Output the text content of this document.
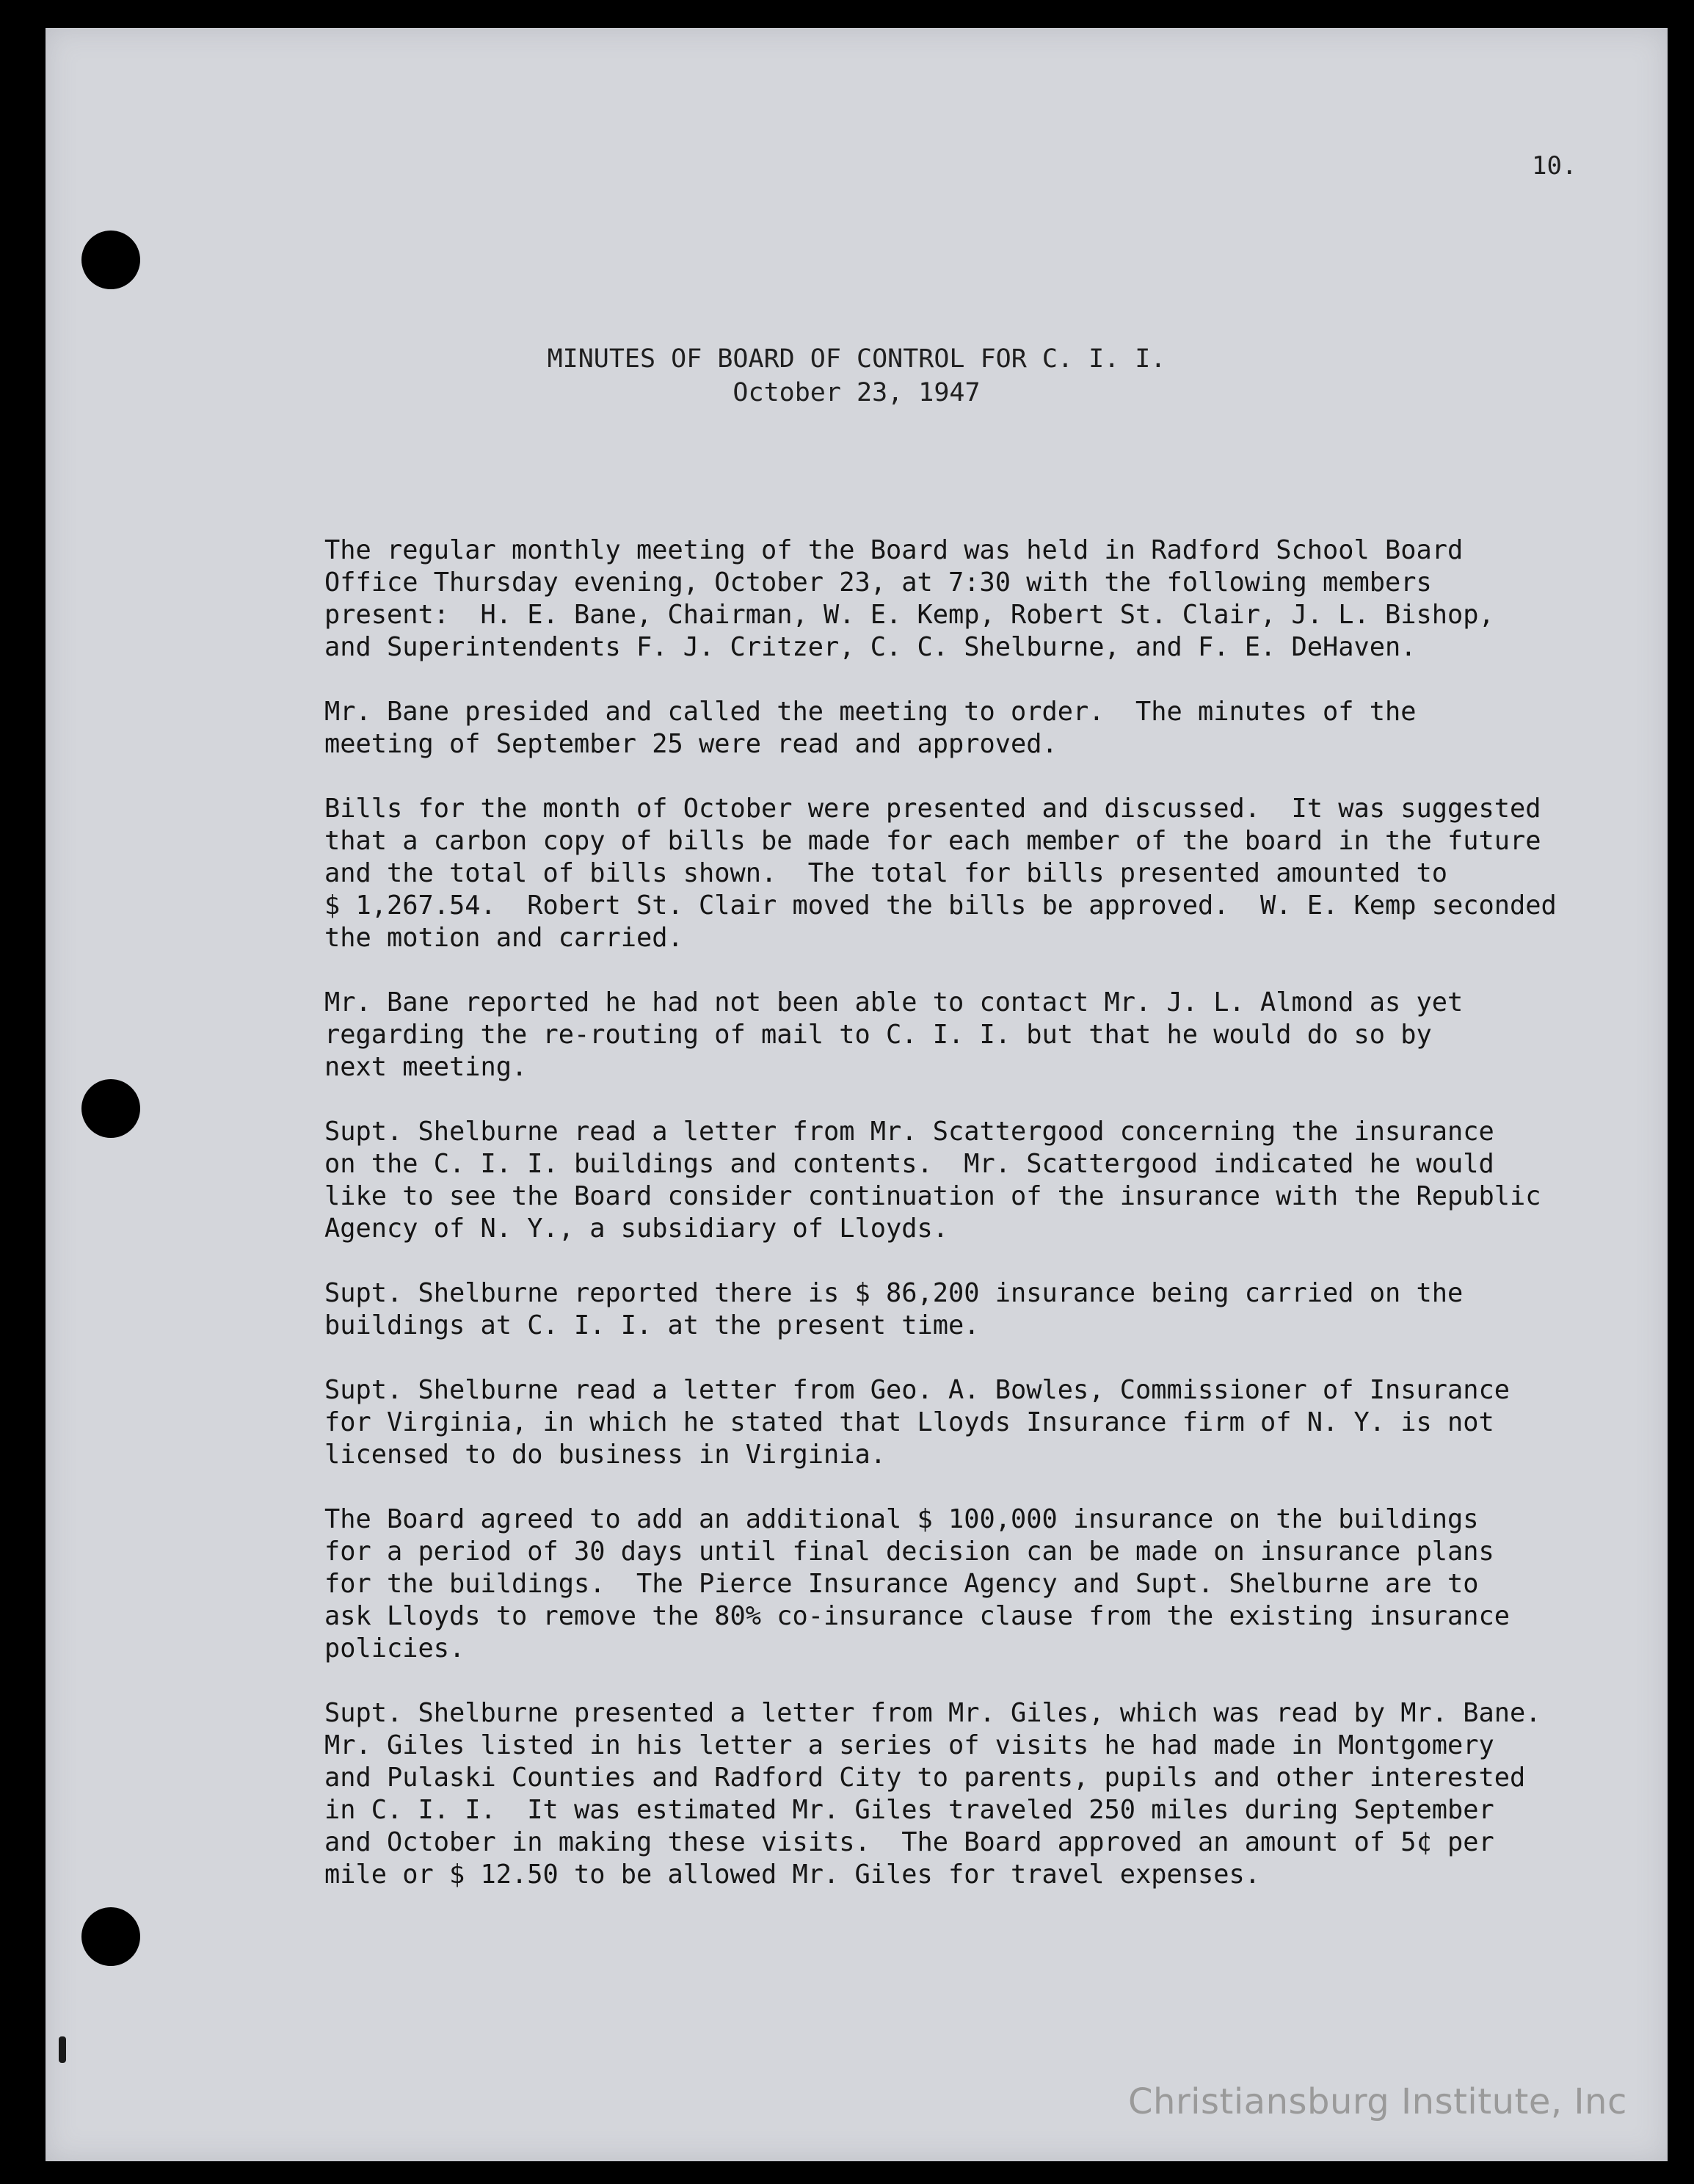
10.
MINUTES OF BOARD OF CONTROL FOR C. I. I.
October 23, 1947
The regular monthly meeting of the Board was held in Radford School Board
Office Thursday evening, October 23, at 7:30 with the following members
present:  H. E. Bane, Chairman, W. E. Kemp, Robert St. Clair, J. L. Bishop,
and Superintendents F. J. Critzer, C. C. Shelburne, and F. E. DeHaven.
Mr. Bane presided and called the meeting to order.  The minutes of the
meeting of September 25 were read and approved.
Bills for the month of October were presented and discussed.  It was suggested
that a carbon copy of bills be made for each member of the board in the future
and the total of bills shown.  The total for bills presented amounted to
$ 1,267.54.  Robert St. Clair moved the bills be approved.  W. E. Kemp seconded
the motion and carried.
Mr. Bane reported he had not been able to contact Mr. J. L. Almond as yet
regarding the re-routing of mail to C. I. I. but that he would do so by
next meeting.
Supt. Shelburne read a letter from Mr. Scattergood concerning the insurance
on the C. I. I. buildings and contents.  Mr. Scattergood indicated he would
like to see the Board consider continuation of the insurance with the Republic
Agency of N. Y., a subsidiary of Lloyds.
Supt. Shelburne reported there is $ 86,200 insurance being carried on the
buildings at C. I. I. at the present time.
Supt. Shelburne read a letter from Geo. A. Bowles, Commissioner of Insurance
for Virginia, in which he stated that Lloyds Insurance firm of N. Y. is not
licensed to do business in Virginia.
The Board agreed to add an additional $ 100,000 insurance on the buildings
for a period of 30 days until final decision can be made on insurance plans
for the buildings.  The Pierce Insurance Agency and Supt. Shelburne are to
ask Lloyds to remove the 80% co-insurance clause from the existing insurance
policies.
Supt. Shelburne presented a letter from Mr. Giles, which was read by Mr. Bane.
Mr. Giles listed in his letter a series of visits he had made in Montgomery
and Pulaski Counties and Radford City to parents, pupils and other interested
in C. I. I.  It was estimated Mr. Giles traveled 250 miles during September
and October in making these visits.  The Board approved an amount of 5¢ per
mile or $ 12.50 to be allowed Mr. Giles for travel expenses.
Christiansburg Institute, Inc
